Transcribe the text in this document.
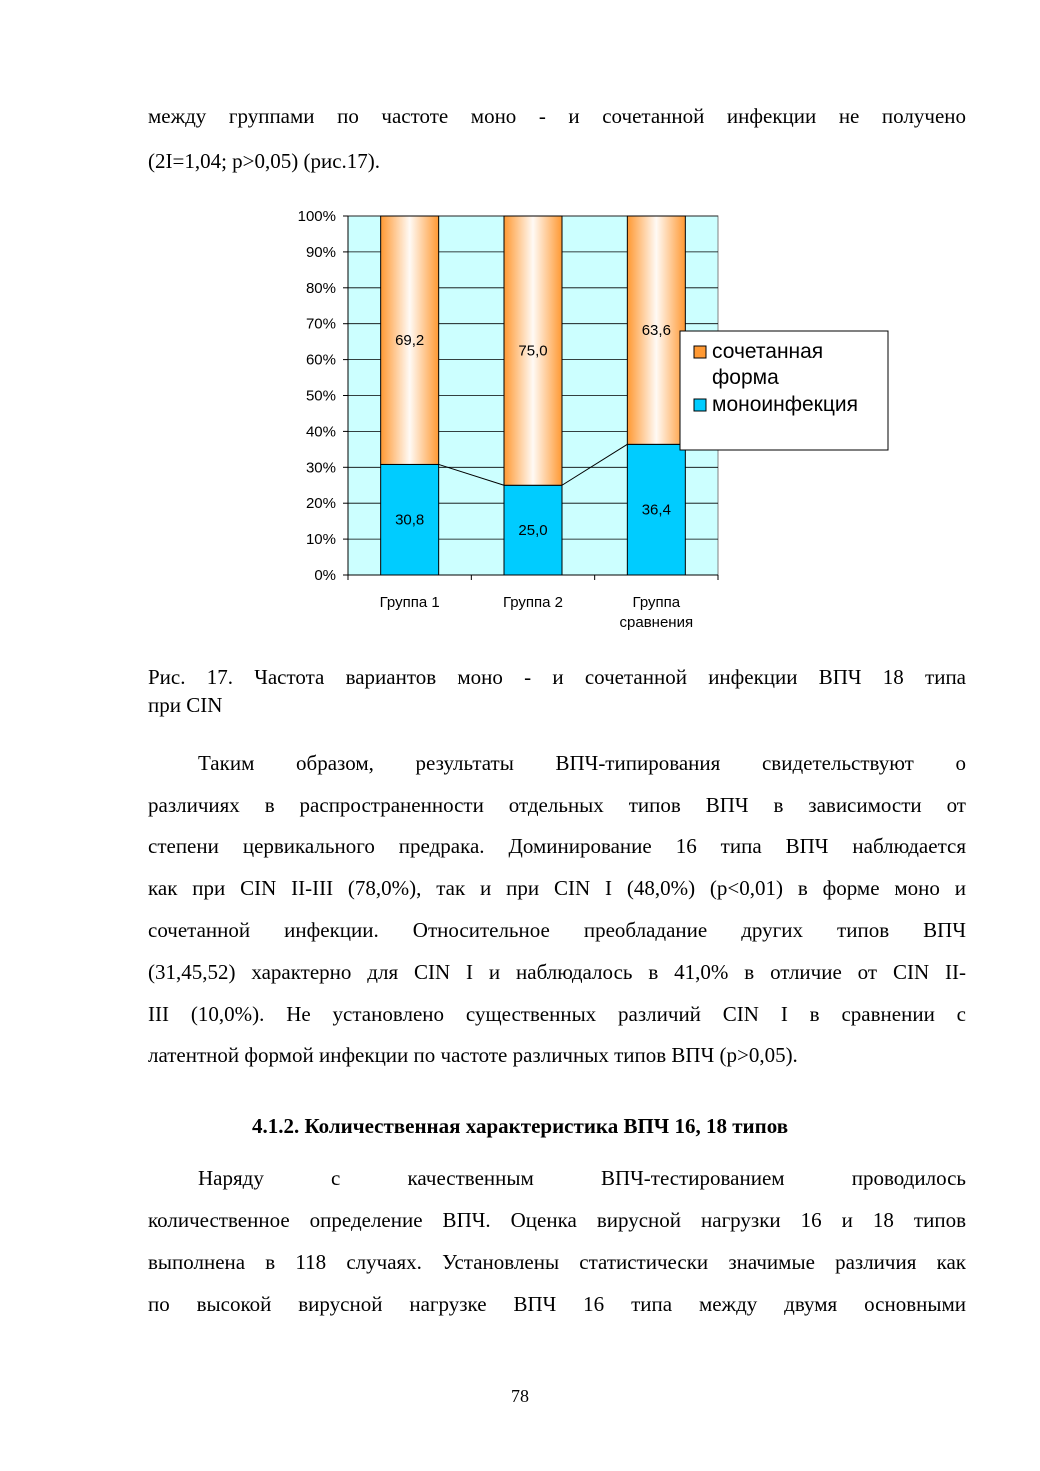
между группами по частоте моно - и сочетанной инфекции не получено
(2I=1,04; p>0,05) (рис.17).
0%
10%
20%
30%
40%
50%
60%
70%
80%
90%
100%
30,8
69,2
Группа 1
25,0
75,0
Группа 2
36,4
63,6
Группа
сравнения
сочетанная
форма
моноинфекция
Рис. 17. Частота вариантов моно - и сочетанной инфекции ВПЧ 18 типа
при CIN
Таким образом, результаты ВПЧ-типирования свидетельствуют о
различиях в распространенности отдельных типов ВПЧ в зависимости от
степени цервикального предрака. Доминирование 16 типа ВПЧ наблюдается
как при CIN II-III (78,0%), так и при CIN I (48,0%) (p<0,01) в форме моно и
сочетанной инфекции. Относительное преобладание других типов ВПЧ
(31,45,52) характерно для CIN I и наблюдалось в 41,0% в отличие от CIN II-
III (10,0%). Не установлено существенных различий CIN I в сравнении с
латентной формой инфекции по частоте различных типов ВПЧ (p>0,05).
4.1.2. Количественная характеристика ВПЧ 16, 18 типов
Наряду с качественным ВПЧ-тестированием проводилось
количественное определение ВПЧ. Оценка вирусной нагрузки 16 и 18 типов
выполнена в 118 случаях. Установлены статистически значимые различия как
по высокой вирусной нагрузке ВПЧ 16 типа между двумя основными
78
